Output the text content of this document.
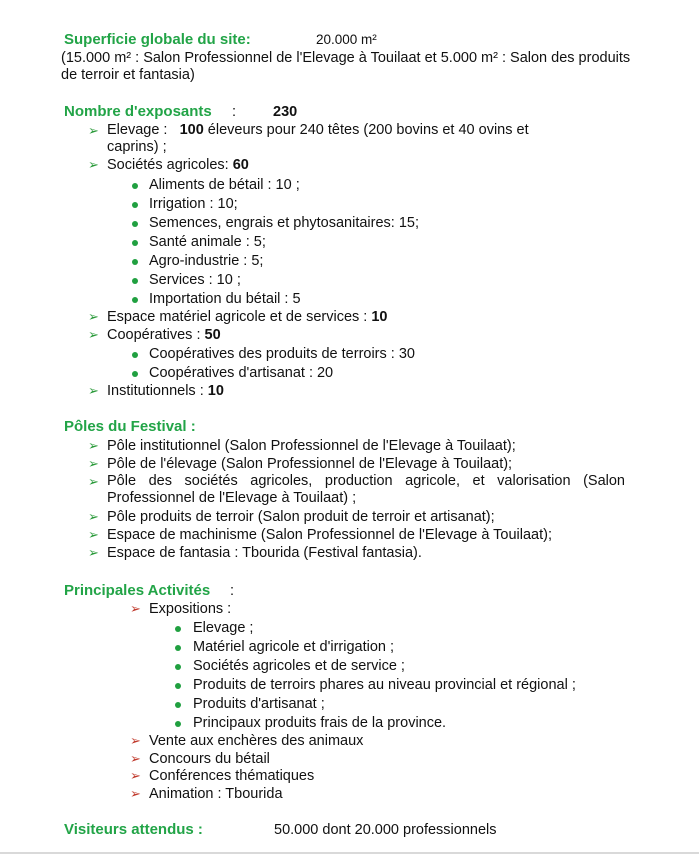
Superficie globale du site:	20.000 m²
(15.000 m² : Salon Professionnel de l'Elevage à Touilaat et 5.000 m² : Salon des produits de terroir et fantasia)
Nombre d'exposants :	230
➢ Elevage : 100 éleveurs pour 240 têtes (200 bovins et 40 ovins et caprins) ;
➢ Sociétés agricoles: 60
Aliments de bétail : 10 ;
Irrigation : 10;
Semences, engrais et phytosanitaires: 15;
Santé animale : 5;
Agro-industrie : 5;
Services : 10 ;
Importation du bétail : 5
➢ Espace matériel agricole et de services : 10
➢ Coopératives : 50
Coopératives des produits de terroirs : 30
Coopératives d'artisanat : 20
➢ Institutionnels : 10
Pôles du Festival :
➢ Pôle institutionnel (Salon Professionnel de l'Elevage à Touilaat);
➢ Pôle de l'élevage (Salon Professionnel de l'Elevage à Touilaat);
➢ Pôle des sociétés agricoles, production agricole, et valorisation (Salon Professionnel de l'Elevage à Touilaat) ;
➢ Pôle produits de terroir (Salon produit de terroir et artisanat);
➢ Espace de machinisme (Salon Professionnel de l'Elevage à Touilaat);
➢ Espace de fantasia : Tbourida (Festival fantasia).
Principales Activités :
➢ Expositions :
Elevage ;
Matériel agricole et d'irrigation ;
Sociétés agricoles et de service ;
Produits de terroirs phares au niveau provincial et régional ;
Produits d'artisanat ;
Principaux produits frais de la province.
➢ Vente aux enchères des animaux
➢ Concours du bétail
➢ Conférences thématiques
➢ Animation : Tbourida
Visiteurs attendus :	50.000 dont 20.000 professionnels
